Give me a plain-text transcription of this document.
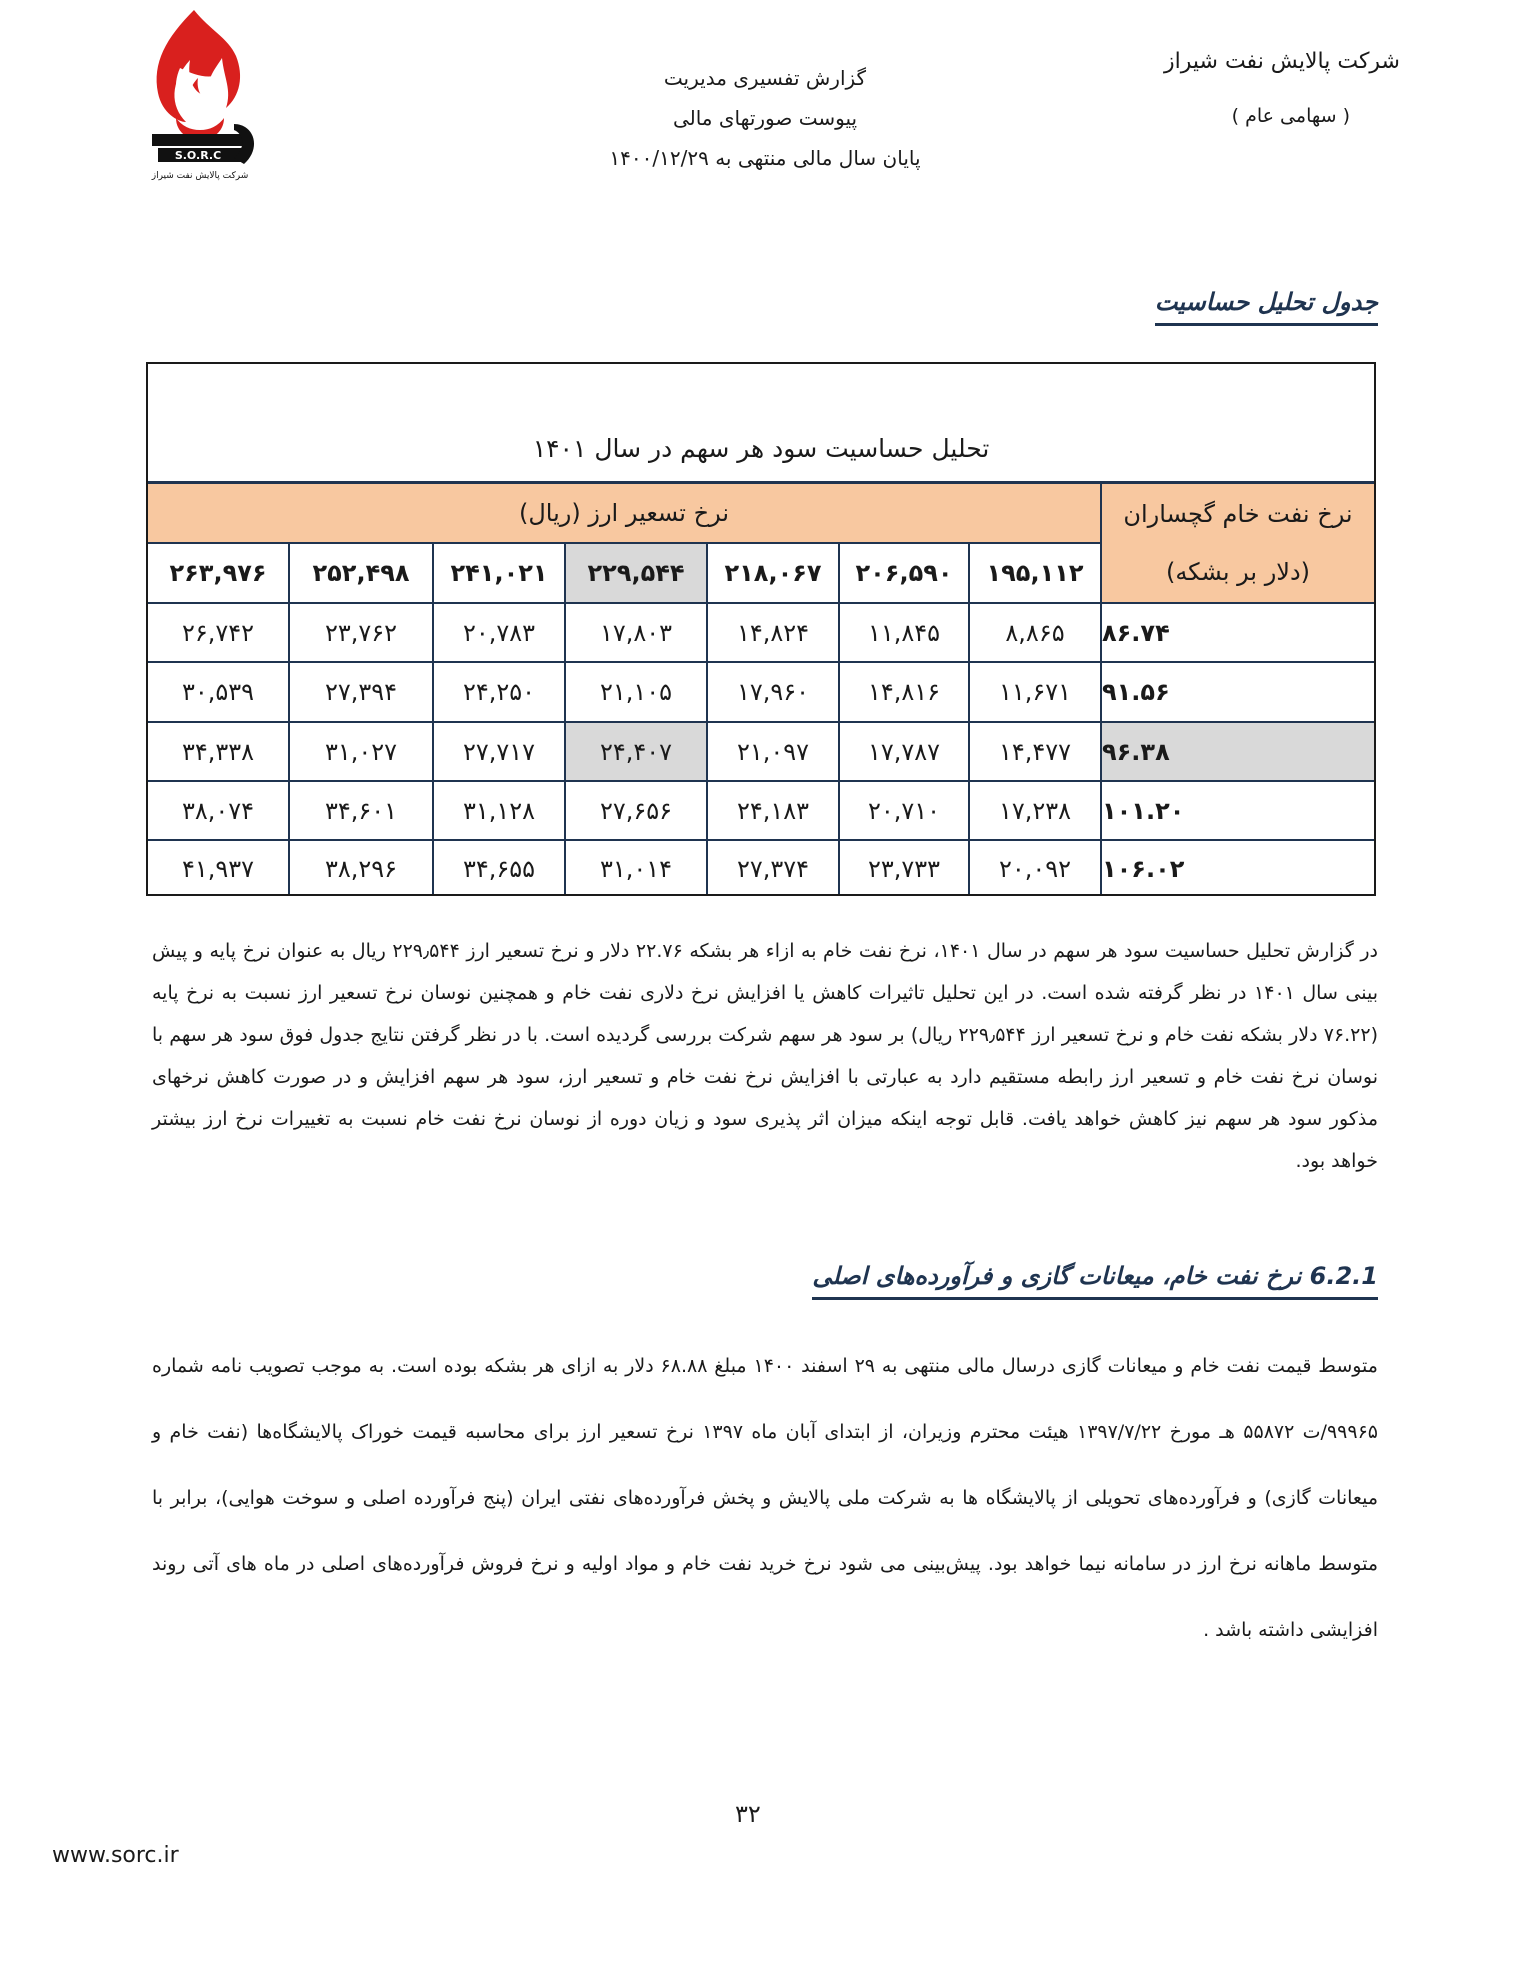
شرکت پالایش نفت شیراز
( سهامی عام )
گزارش تفسیری مدیریت
پیوست صورتهای مالی
پایان سال مالی منتهی به ۱۴۰۰/۱۲/۲۹
S.O.R.C
شرکت پالایش نفت شیراز
جدول تحلیل حساسیت
تحلیل حساسیت سود هر سهم در سال ۱۴۰۱
نرخ تسعیر ارز (ریال)	نرخ نفت خام گچساران
(دلار بر بشکه)
۲۶۳,۹۷۶	۲۵۲,۴۹۸	۲۴۱,۰۲۱	۲۲۹,۵۴۴	۲۱۸,۰۶۷	۲۰۶,۵۹۰	۱۹۵,۱۱۲
۲۶,۷۴۲	۲۳,۷۶۲	۲۰,۷۸۳	۱۷,۸۰۳	۱۴,۸۲۴	۱۱,۸۴۵	۸,۸۶۵	۸۶.۷۴
۳۰,۵۳۹	۲۷,۳۹۴	۲۴,۲۵۰	۲۱,۱۰۵	۱۷,۹۶۰	۱۴,۸۱۶	۱۱,۶۷۱	۹۱.۵۶
۳۴,۳۳۸	۳۱,۰۲۷	۲۷,۷۱۷	۲۴,۴۰۷	۲۱,۰۹۷	۱۷,۷۸۷	۱۴,۴۷۷	۹۶.۳۸
۳۸,۰۷۴	۳۴,۶۰۱	۳۱,۱۲۸	۲۷,۶۵۶	۲۴,۱۸۳	۲۰,۷۱۰	۱۷,۲۳۸	۱۰۱.۲۰
۴۱,۹۳۷	۳۸,۲۹۶	۳۴,۶۵۵	۳۱,۰۱۴	۲۷,۳۷۴	۲۳,۷۳۳	۲۰,۰۹۲	۱۰۶.۰۲

در گزارش تحلیل حساسیت سود هر سهم در سال ۱۴۰۱، نرخ نفت خام به ازاء هر بشکه ۲۲.۷۶ دلار و نرخ تسعیر ارز ۲۲۹٫۵۴۴ ریال به عنوان نرخ پایه و پیش بینی سال ۱۴۰۱ در نظر گرفته شده است. در این تحلیل تاثیرات کاهش یا افزایش نرخ دلاری نفت خام و همچنین نوسان نرخ تسعیر ارز نسبت به نرخ پایه (۷۶.۲۲ دلار بشکه نفت خام و نرخ تسعیر ارز ۲۲۹٫۵۴۴ ریال) بر سود هر سهم شرکت بررسی گردیده است. با در نظر گرفتن نتایج جدول فوق سود هر سهم با نوسان نرخ نفت خام و تسعیر ارز رابطه مستقیم دارد به عبارتی با افزایش نرخ نفت خام و تسعیر ارز، سود هر سهم افزایش و در صورت کاهش نرخهای مذکور سود هر سهم نیز کاهش خواهد یافت. قابل توجه اینکه میزان اثر پذیری سود و زیان دوره از نوسان نرخ نفت خام نسبت به تغییرات نرخ ارز بیشتر خواهد بود.

6.2.1 نرخ نفت خام، میعانات گازی و فرآورده‌های اصلی

متوسط قیمت نفت خام و میعانات گازی درسال مالی منتهی به ۲۹ اسفند ۱۴۰۰ مبلغ ۶۸.۸۸ دلار به ازای هر بشکه بوده است. به موجب تصویب نامه شماره ۹۹۹۶۵/ت ۵۵۸۷۲ هـ مورخ ۱۳۹۷/۷/۲۲ هیئت محترم وزیران، از ابتدای آبان ماه ۱۳۹۷ نرخ تسعیر ارز برای محاسبه قیمت خوراک پالایشگاه‌ها (نفت خام و میعانات گازی) و فرآورده‌های تحویلی از پالایشگاه ها به شرکت ملی پالایش و پخش فرآورده‌های نفتی ایران (پنج فرآورده اصلی و سوخت هوایی)، برابر با متوسط ماهانه نرخ ارز در سامانه نیما خواهد بود. پیش‌بینی می شود نرخ خرید نفت خام و مواد اولیه و نرخ فروش فرآورده‌های اصلی در ماه های آتی روند افزایشی داشته باشد .

۳۲
www.sorc.ir
